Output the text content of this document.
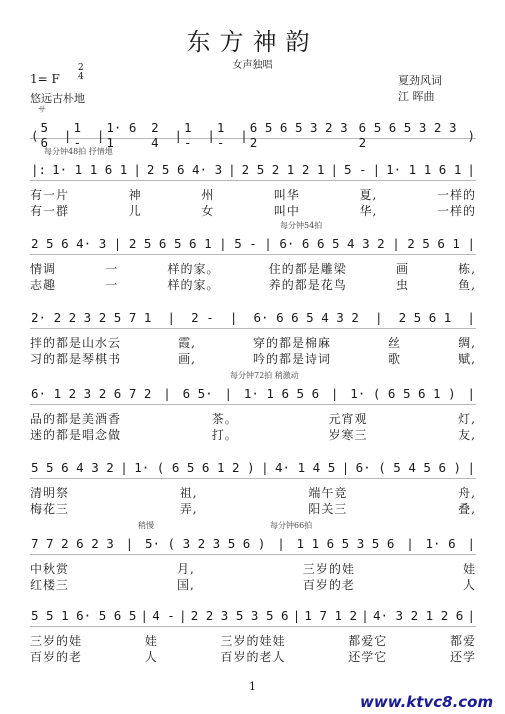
东方神韵
女声独唱
1= F
2
4
悠远古朴地
夏劲风词
江 晖曲
サ
( 5 6	| 1 -	| 1· 6 1
2 4	| 1 -	| 1 -	| 6 5 6 5 3 2 3 2
6 5 6 5 3 2 3 2	)
每分钟48拍 抒情地
|: 1· 1 1 6 1 | 2 5 6 4· 3 | 2 5 2 1 2 1 | 5 - | 1· 1 1 6 1 |
有一片	神	州	叫华	夏,	一样的
有一群	儿	女	叫中	华,	一样的
每分钟54拍
2 5 6 4· 3 | 2 5 6 5 6 1 | 5 - | 6· 6 6 5 4 3 2 | 2 5 6 1 |
情调	一	样的家。	住的都是雕梁	画	栋,
志趣	一	样的家。	养的都是花鸟	虫	鱼,
2· 2 2 3 2 5 7 1 | 2 - | 6· 6 6 5 4 3 2 | 2 5 6 1 |
拌的都是山水云	霞,	穿的都是棉麻	丝	绸,
习的都是琴棋书	画,	吟的都是诗词	歌	赋,
每分钟72拍 稍激动
6· 1 2 3 2 6 7 2 | 6 5· | 1· 1 6 5 6 | 1· ( 6 5 6 1 ) |
品的都是美酒香	茶。	元宵观	灯,
迷的都是唱念做	打。	岁寒三	友,
5 5 6 4 3 2 | 1· ( 6 5 6 1 2 ) | 4· 1 4 5 | 6· ( 5 4 5 6 ) |
清明祭	祖,	端午竞	舟,
梅花三	弄,	阳关三	叠,
稍慢	每分钟66拍
7 7 2 6 2 3 | 5· ( 3 2 3 5 6 ) | 1 1 6 5 3 5 6 | 1· 6 |
中秋赏	月,	三岁的娃	娃
红楼三	国,	百岁的老	人
5 5 1 6· 5 6 5 | 4 - | 2 2 3 5 3 5 6 | 1 7 1 2 | 4· 3 2 1 2 6 |
三岁的娃	娃	三岁的娃娃	都爱它	都爱
百岁的老	人	百岁的老人	还学它	还学
1
www.ktvc8.com
